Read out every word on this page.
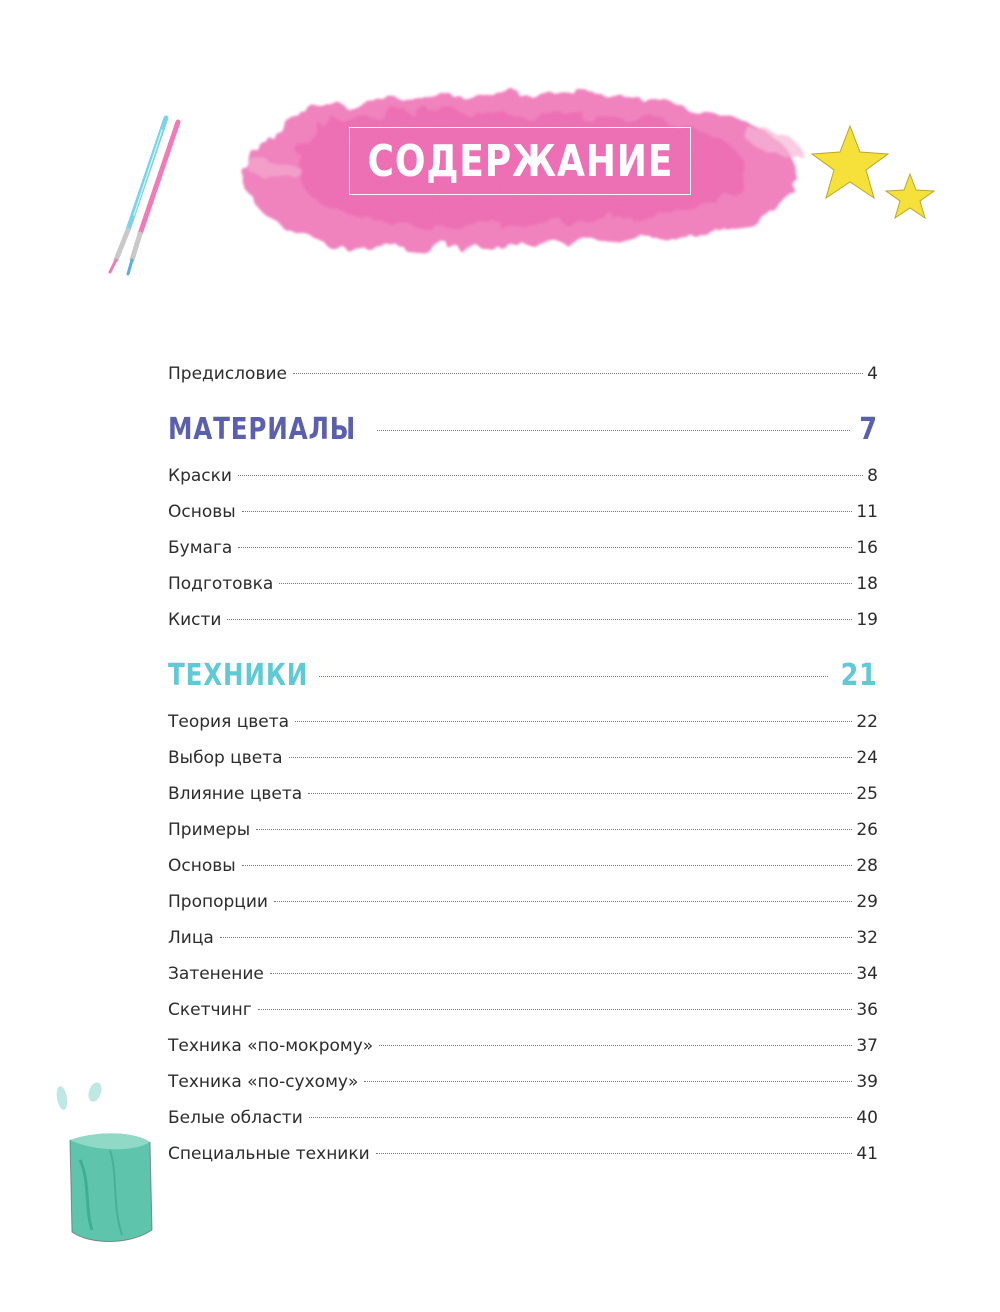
СОДЕРЖАНИЕ
Предисловие	4
МАТЕРИАЛЫ	7
Краски	8
Основы	11
Бумага	16
Подготовка	18
Кисти	19
ТЕХНИКИ	21
Теория цвета	22
Выбор цвета	24
Влияние цвета	25
Примеры	26
Основы	28
Пропорции	29
Лица	32
Затенение	34
Скетчинг	36
Техника «по-мокрому»	37
Техника «по-сухому»	39
Белые области	40
Специальные техники	41
